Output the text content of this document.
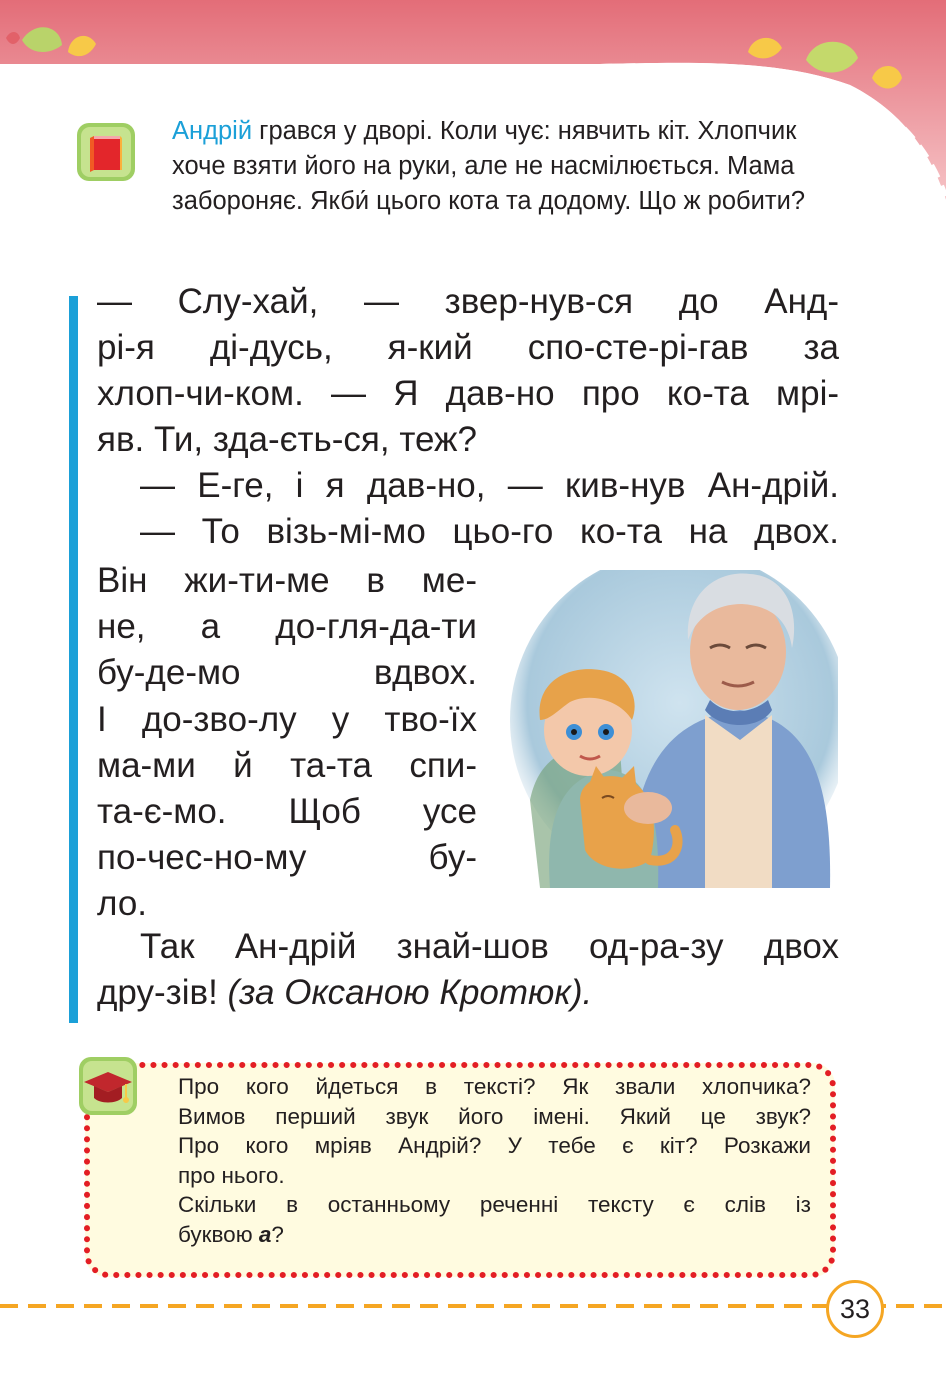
Андрій грався у дворі. Коли чує: нявчить кіт. Хлопчик хоче взяти його на руки, але не насмілюється. Мама забороняє. Якби́ цього кота та додому. Що ж робити?

— Слу-хай, — звер-нув-ся до Анд-

рі-я ді-дусь, я-кий спо-сте-рі-гав за

хлоп-чи-ком. — Я дав-но про ко-та мрі-

яв. Ти, зда-єть-ся, теж?

— Е-ге, і я дав-но, — кив-нув Ан-дрій.

— То візь-мі-мо цьо-го ко-та на двох.

Він жи-ти-ме в ме-
не, а до-гля-да-ти
бу-де-мо вдвох.
І до-зво-лу у тво-їх
ма-ми й та-та спи-
та-є-мо. Щоб усе
по-чес-но-му бу-
ло.

Так Ан-дрій знай-шов од-ра-зу двох

дру-зів! (за Оксаною Кротюк).

Про кого йдеться в тексті? Як звали хлопчика?
Вимов перший звук його імені. Який це звук?
Про кого мріяв Андрій? У тебе є кіт? Розкажи
про нього.
Скільки в останньому реченні тексту є слів із
буквою а?

33
